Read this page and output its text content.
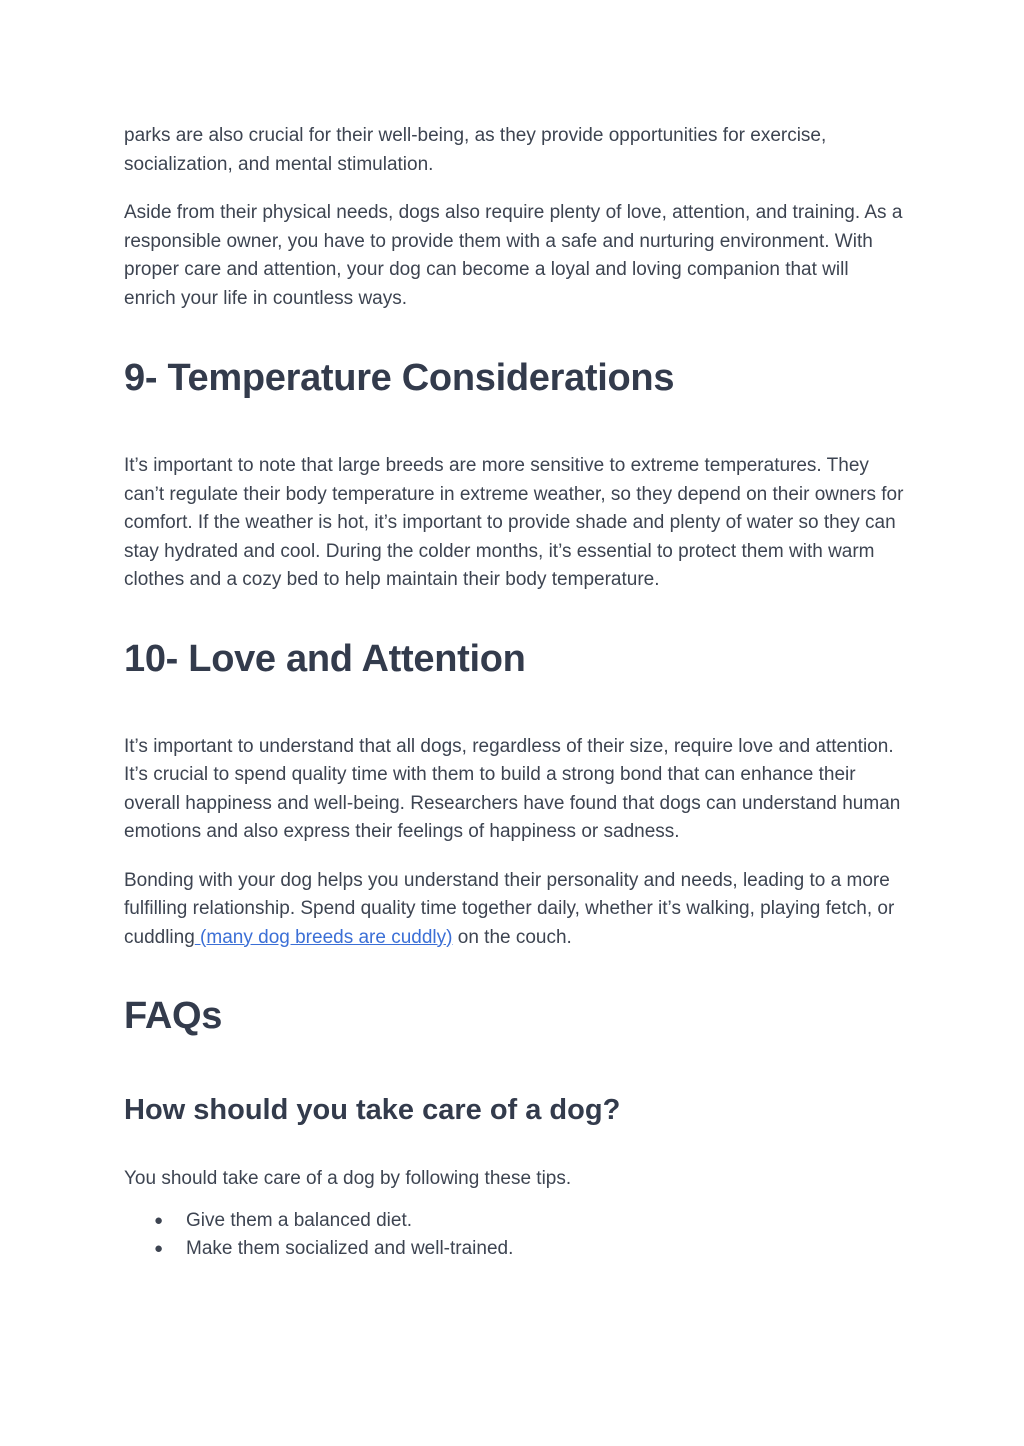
parks are also crucial for their well-being, as they provide opportunities for exercise, socialization, and mental stimulation.

Aside from their physical needs, dogs also require plenty of love, attention, and training. As a responsible owner, you have to provide them with a safe and nurturing environment. With proper care and attention, your dog can become a loyal and loving companion that will enrich your life in countless ways.

9- Temperature Considerations

It’s important to note that large breeds are more sensitive to extreme temperatures. They can’t regulate their body temperature in extreme weather, so they depend on their owners for comfort. If the weather is hot, it’s important to provide shade and plenty of water so they can stay hydrated and cool. During the colder months, it’s essential to protect them with warm clothes and a cozy bed to help maintain their body temperature.

10- Love and Attention

It’s important to understand that all dogs, regardless of their size, require love and attention. It’s crucial to spend quality time with them to build a strong bond that can enhance their overall happiness and well-being. Researchers have found that dogs can understand human emotions and also express their feelings of happiness or sadness.

Bonding with your dog helps you understand their personality and needs, leading to a more fulfilling relationship. Spend quality time together daily, whether it’s walking, playing fetch, or cuddling (many dog breeds are cuddly) on the couch.

FAQs
How should you take care of a dog?

You should take care of a dog by following these tips.

● Give them a balanced diet.
● Make them socialized and well-trained.
